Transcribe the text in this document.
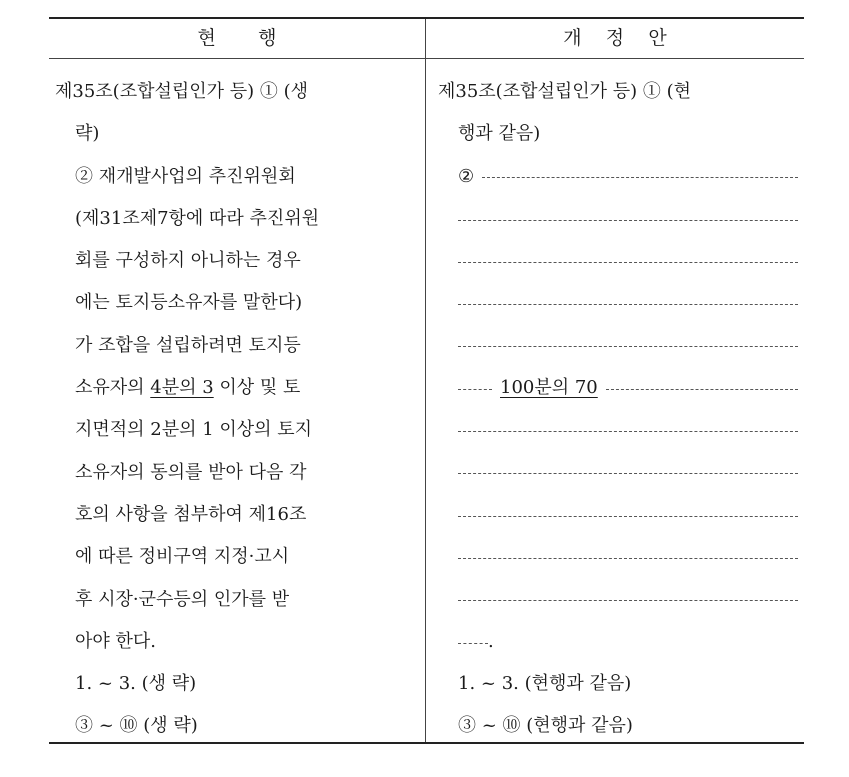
현       행	개    정    안
제35조(조합설립인가 등) ① (생
략)
② 재개발사업의 추진위원회
(제31조제7항에 따라 추진위원
회를 구성하지 아니하는 경우
에는 토지등소유자를 말한다)
가 조합을 설립하려면 토지등
소유자의 4분의 3 이상 및 토
지면적의 2분의 1 이상의 토지
소유자의 동의를 받아 다음 각
호의 사항을 첨부하여 제16조
에 따른 정비구역 지정·고시
후 시장·군수등의 인가를 받
아야 한다.
1. ~ 3. (생 략)
③ ~ ⑩ (생 략)
제35조(조합설립인가 등) ① (현
행과 같음)
②
100분의 70
.
1. ~ 3. (현행과 같음)
③ ~ ⑩ (현행과 같음)
